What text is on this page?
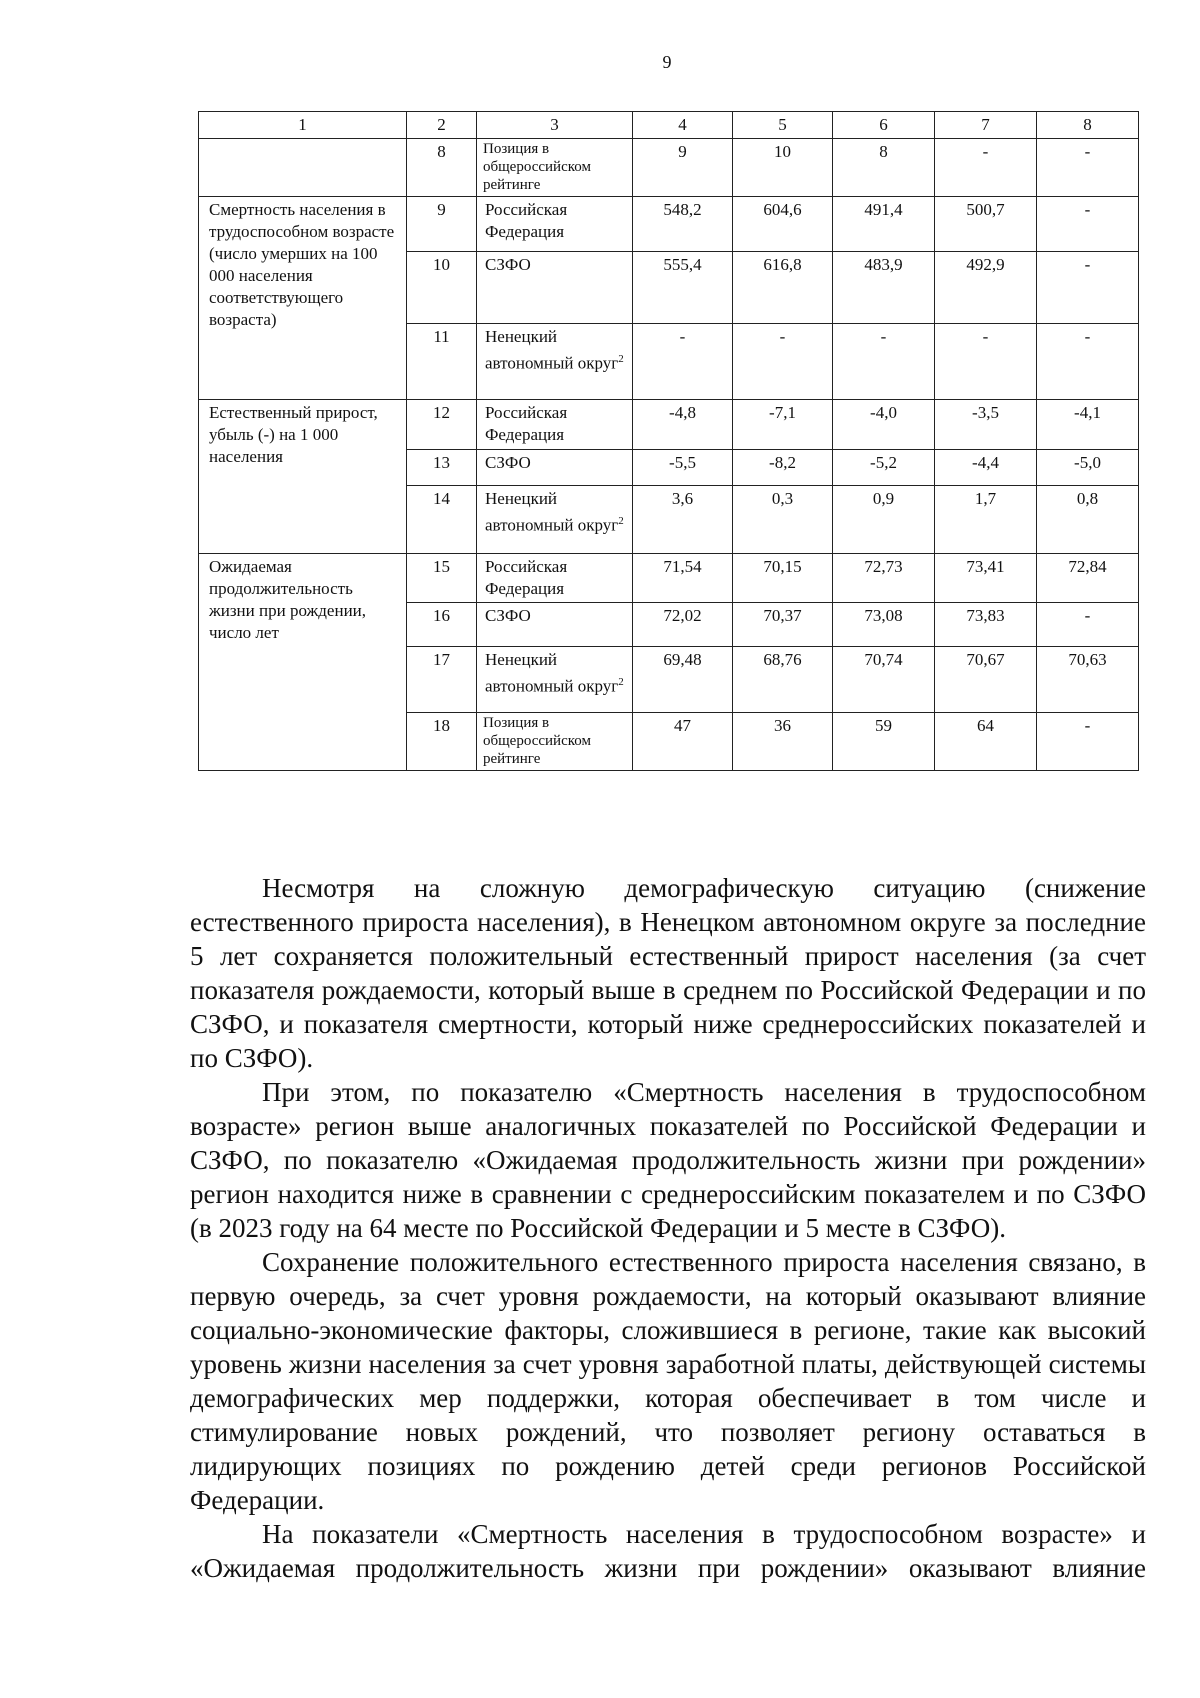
9
1	2	3	4	5	6	7	8
	8	Позиция в общероссийском рейтинге	9	10	8	-	-
Смертность населения в трудоспособном возрасте (число умерших на 100 000 населения соответствующего возраста)	9	Российская Федерация	548,2	604,6	491,4	500,7	-
	10	СЗФО	555,4	616,8	483,9	492,9	-
	11	Ненецкий автономный округ$^2$	-	-	-	-	-
Естественный прирост, убыль (-) на 1 000 населения	12	Российская Федерация	-4,8	-7,1	-4,0	-3,5	-4,1
	13	СЗФО	-5,5	-8,2	-5,2	-4,4	-5,0
	14	Ненецкий автономный округ$^2$	3,6	0,3	0,9	1,7	0,8
Ожидаемая продолжительность жизни при рождении, число лет	15	Российская Федерация	71,54	70,15	72,73	73,41	72,84
	16	СЗФО	72,02	70,37	73,08	73,83	-
	17	Ненецкий автономный округ$^2$	69,48	68,76	70,74	70,67	70,63
	18	Позиция в общероссийском рейтинге	47	36	59	64	-

Несмотря на сложную демографическую ситуацию (снижение естественного прироста населения), в Ненецком автономном округе за последние 5 лет сохраняется положительный естественный прирост населения (за счет показателя рождаемости, который выше в среднем по Российской Федерации и по СЗФО, и показателя смертности, который ниже среднероссийских показателей и по СЗФО).

При этом, по показателю «Смертность населения в трудоспособном возрасте» регион выше аналогичных показателей по Российской Федерации и СЗФО, по показателю «Ожидаемая продолжительность жизни при рождении» регион находится ниже в сравнении с среднероссийским показателем и по СЗФО (в 2023 году на 64 месте по Российской Федерации и 5 месте в СЗФО).

Сохранение положительного естественного прироста населения связано, в первую очередь, за счет уровня рождаемости, на который оказывают влияние социально-экономические факторы, сложившиеся в регионе, такие как высокий уровень жизни населения за счет уровня заработной платы, действующей системы демографических мер поддержки, которая обеспечивает в том числе и стимулирование новых рождений, что позволяет региону оставаться в лидирующих позициях по рождению детей среди регионов Российской Федерации.

На показатели «Смертность населения в трудоспособном возрасте» и «Ожидаемая продолжительность жизни при рождении» оказывают влияние
